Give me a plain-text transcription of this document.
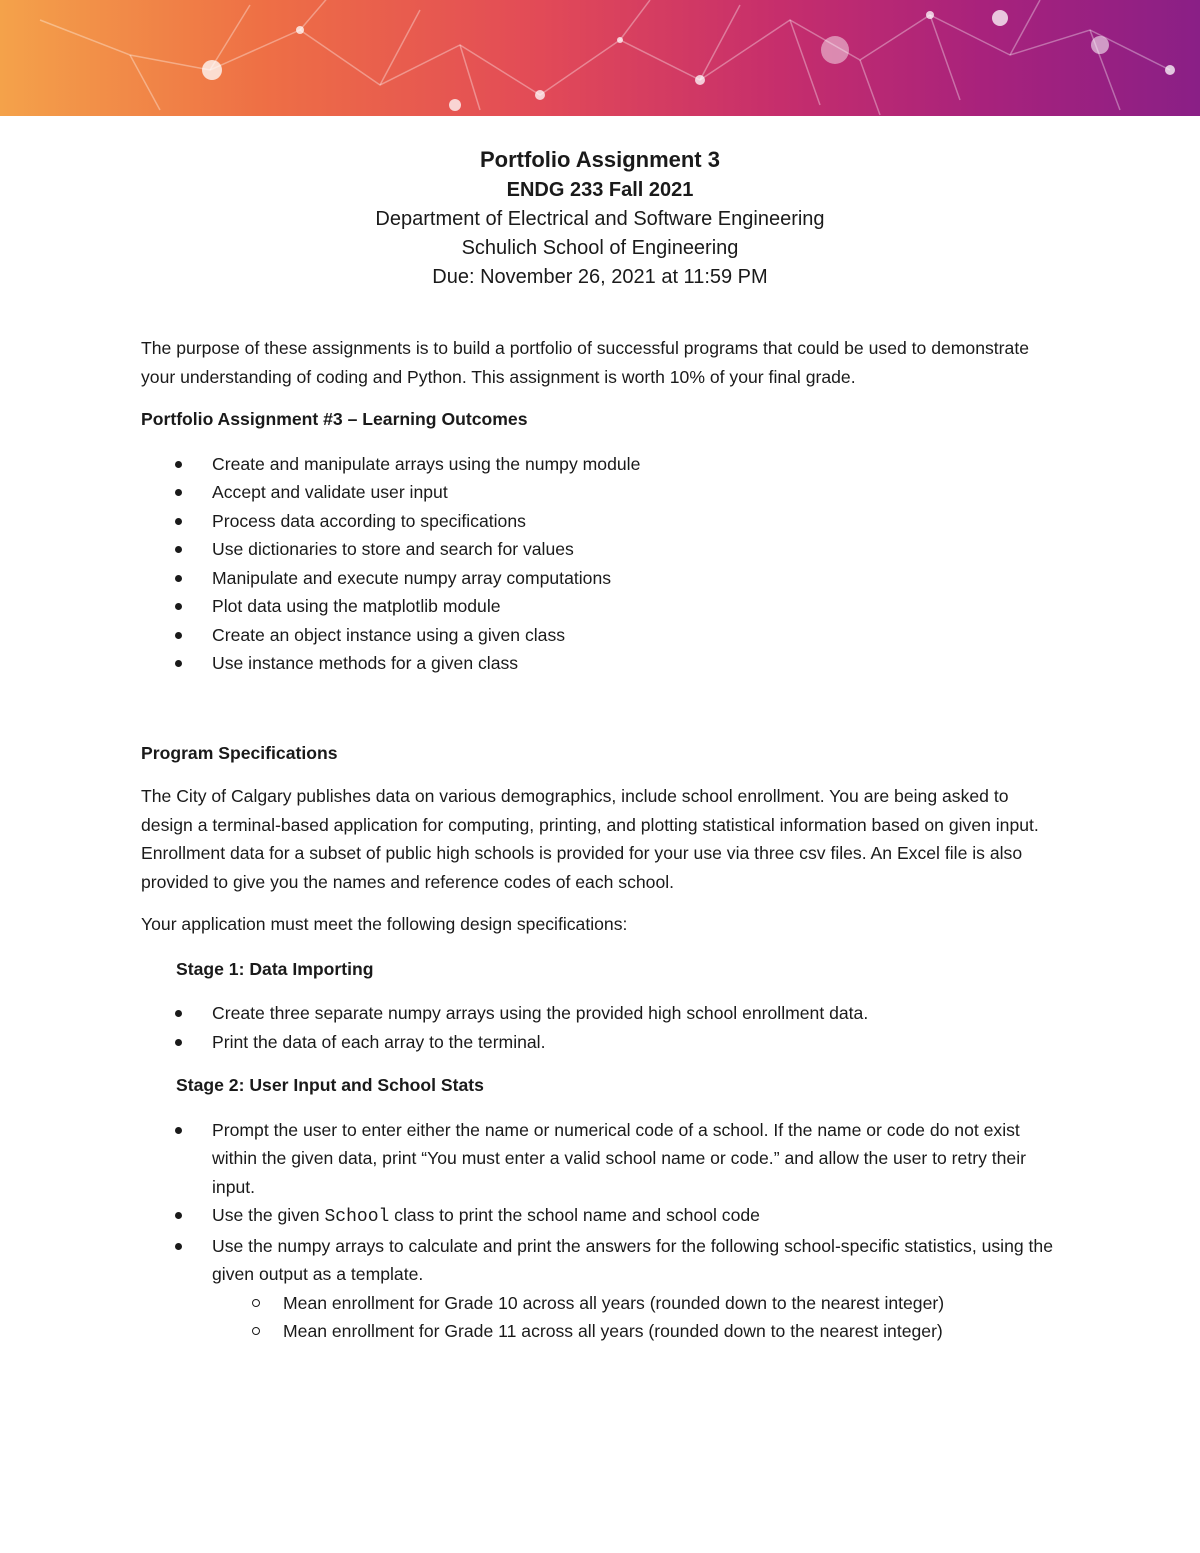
Portfolio Assignment 3
ENDG 233 Fall 2021
Department of Electrical and Software Engineering
Schulich School of Engineering
Due: November 26, 2021 at 11:59 PM

The purpose of these assignments is to build a portfolio of successful programs that could be used to demonstrate your understanding of coding and Python. This assignment is worth 10% of your final grade.

Portfolio Assignment #3 – Learning Outcomes

Create and manipulate arrays using the numpy module
Accept and validate user input
Process data according to specifications
Use dictionaries to store and search for values
Manipulate and execute numpy array computations
Plot data using the matplotlib module
Create an object instance using a given class
Use instance methods for a given class

Program Specifications

The City of Calgary publishes data on various demographics, include school enrollment. You are being asked to design a terminal-based application for computing, printing, and plotting statistical information based on given input. Enrollment data for a subset of public high schools is provided for your use via three csv files. An Excel file is also provided to give you the names and reference codes of each school.

Your application must meet the following design specifications:

Stage 1: Data Importing

Create three separate numpy arrays using the provided high school enrollment data.
Print the data of each array to the terminal.

Stage 2: User Input and School Stats

Prompt the user to enter either the name or numerical code of a school. If the name or code do not exist within the given data, print “You must enter a valid school name or code.” and allow the user to retry their input.
Use the given School class to print the school name and school code
Use the numpy arrays to calculate and print the answers for the following school-specific statistics, using the given output as a template.
Mean enrollment for Grade 10 across all years (rounded down to the nearest integer)
Mean enrollment for Grade 11 across all years (rounded down to the nearest integer)
